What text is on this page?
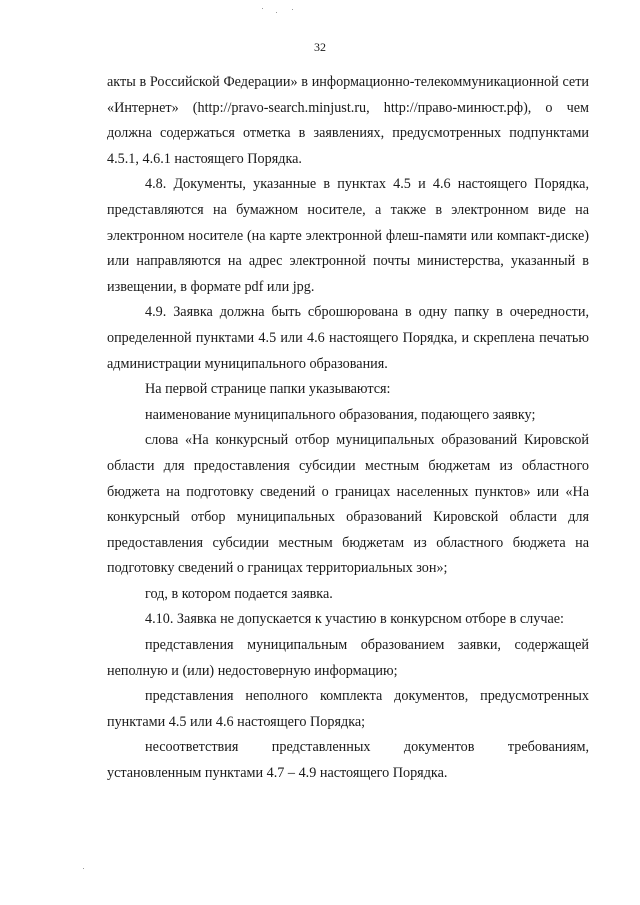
32

акты в Российской Федерации» в информационно-телекоммуникационной сети «Интернет» (http://pravo-search.minjust.ru, http://право-минюст.рф), о чем должна содержаться отметка в заявлениях, предусмотренных подпунктами 4.5.1, 4.6.1 настоящего Порядка.

4.8. Документы, указанные в пунктах 4.5 и 4.6 настоящего Порядка, представляются на бумажном носителе, а также в электронном виде на электронном носителе (на карте электронной флеш-памяти или компакт-диске) или направляются на адрес электронной почты министерства, указанный в извещении, в формате pdf или jpg.

4.9. Заявка должна быть сброшюрована в одну папку в очередности, определенной пунктами 4.5 или 4.6 настоящего Порядка, и скреплена печатью администрации муниципального образования.

На первой странице папки указываются:

наименование муниципального образования, подающего заявку;

слова «На конкурсный отбор муниципальных образований Кировской области для предоставления субсидии местным бюджетам из областного бюджета на подготовку сведений о границах населенных пунктов» или «На конкурсный отбор муниципальных образований Кировской области для предоставления субсидии местным бюджетам из областного бюджета на подготовку сведений о границах территориальных зон»;

год, в котором подается заявка.

4.10. Заявка не допускается к участию в конкурсном отборе в случае:

представления муниципальным образованием заявки, содержащей неполную и (или) недостоверную информацию;

представления неполного комплекта документов, предусмотренных пунктами 4.5 или 4.6 настоящего Порядка;

несоответствия представленных документов требованиям, установленным пунктами 4.7 – 4.9 настоящего Порядка.
